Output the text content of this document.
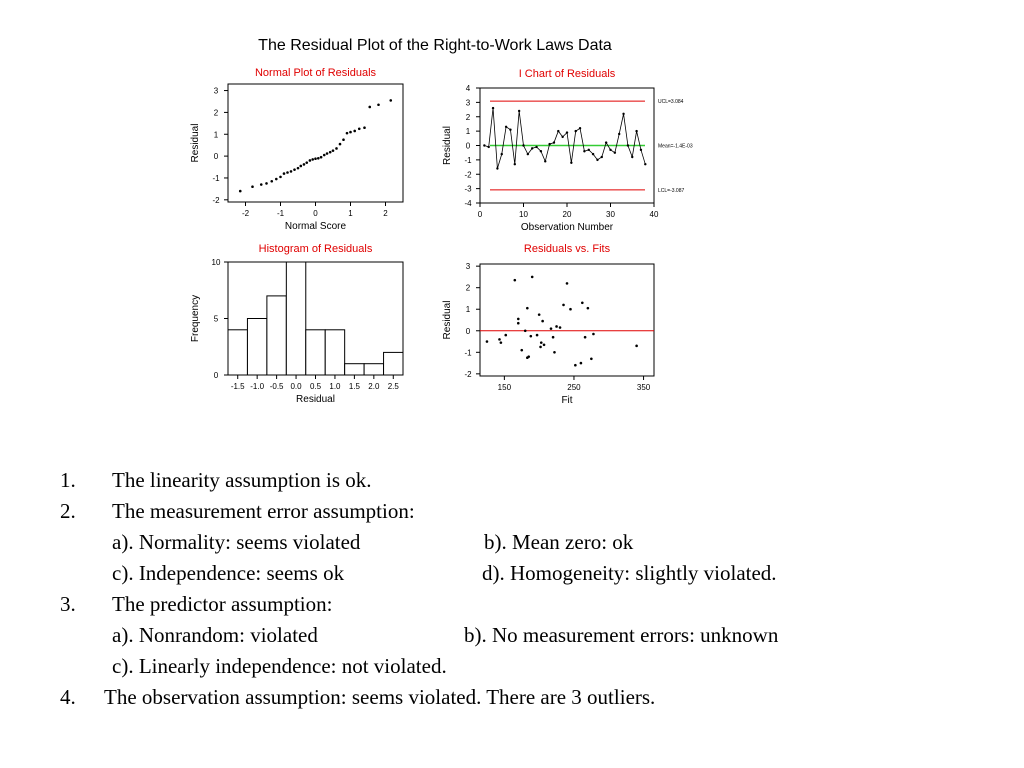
The Residual Plot of the Right-to-Work Laws Data
Normal Plot of Residuals
Normal Score
Residual
-2
-1
0
1
2
3
-2	-1	0	1	2
I Chart of Residuals
Observation Number
Residual
4
3
2
1
0
-1
-2
-3
-4
0	10	20	30	40
UCL=3.084
Mean=-1.4E-03
LCL=-3.087
Histogram of Residuals
Residual
Frequency
0
5
10
-1.5 -1.0 -0.5 0.0 0.5 1.0 1.5 2.0 2.5
Residuals vs. Fits
Fit
Residual
3
2
1
0
-1
-2
150	250	350
1. The linearity assumption is ok.
2. The measurement error assumption:
a). Normality: seems violated	b). Mean zero: ok
c). Independence: seems ok	d). Homogeneity: slightly violated.
3. The predictor assumption:
a). Nonrandom: violated	b). No measurement errors: unknown
c). Linearly independence: not violated.
4. The observation assumption: seems violated. There are 3 outliers.
